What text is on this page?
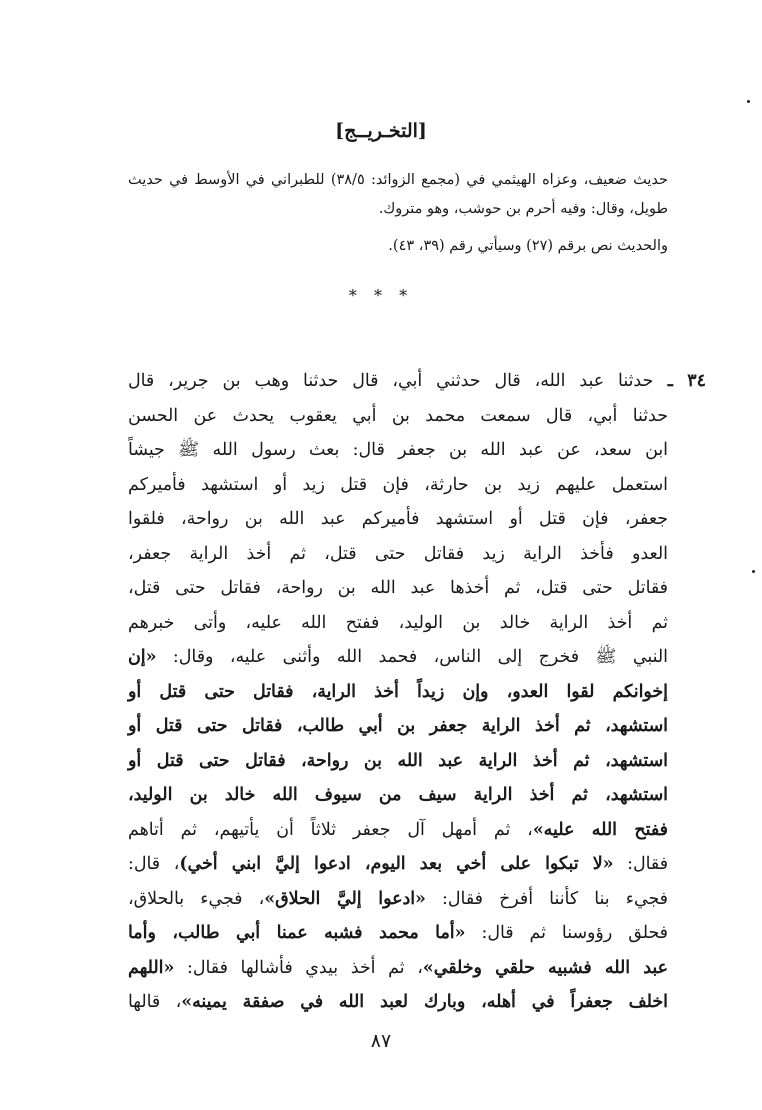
[التخـريــج]

حديث ضعيف، وعزاه الهيثمي في (مجمع الزوائد: ٣٨/٥) للطبراني في الأوسط في حديث طويل، وقال: وفيه أحرم بن حوشب، وهو متروك.

والحديث نص برقم (٢٧) وسيأتي رقم (٣٩، ٤٣).

* * *
٣٤ ـ حدثنا عبد الله، قال حدثني أبي، قال حدثنا وهب بن جرير، قال
حدثنا أبي، قال سمعت محمد بن أبي يعقوب يحدث عن الحسن
ابن سعد، عن عبد الله بن جعفر قال: بعث رسول الله ﷺ جيشاً
استعمل عليهم زيد بن حارثة، فإن قتل زيد أو استشهد فأميركم
جعفر، فإن قتل أو استشهد فأميركم عبد الله بن رواحة، فلقوا
العدو فأخذ الراية زيد فقاتل حتى قتل، ثم أخذ الراية جعفر،
فقاتل حتى قتل، ثم أخذها عبد الله بن رواحة، فقاتل حتى قتل،
ثم أخذ الراية خالد بن الوليد، ففتح الله عليه، وأتى خبرهم
النبي ﷺ فخرج إلى الناس، فحمد الله وأثنى عليه، وقال: «إن
إخوانكم لقوا العدو، وإن زيداً أخذ الراية، فقاتل حتى قتل أو
استشهد، ثم أخذ الراية جعفر بن أبي طالب، فقاتل حتى قتل أو
استشهد، ثم أخذ الراية عبد الله بن رواحة، فقاتل حتى قتل أو
استشهد، ثم أخذ الراية سيف من سيوف الله خالد بن الوليد،
ففتح الله عليه»، ثم أمهل آل جعفر ثلاثاً أن يأتيهم، ثم أتاهم
فقال: «لا تبكوا على أخي بعد اليوم، ادعوا إليَّ ابني أخي)، قال:
فجيء بنا كأننا أفرخ فقال: «ادعوا إليَّ الحلاق»، فجيء بالحلاق،
فحلق رؤوسنا ثم قال: «أما محمد فشبه عمنا أبي طالب، وأما
عبد الله فشبيه حلقي وخلقي»، ثم أخذ بيدي فأشالها فقال: «اللهم
اخلف جعفراً في أهله، وبارك لعبد الله في صفقة يمينه»، قالها
٨٧
